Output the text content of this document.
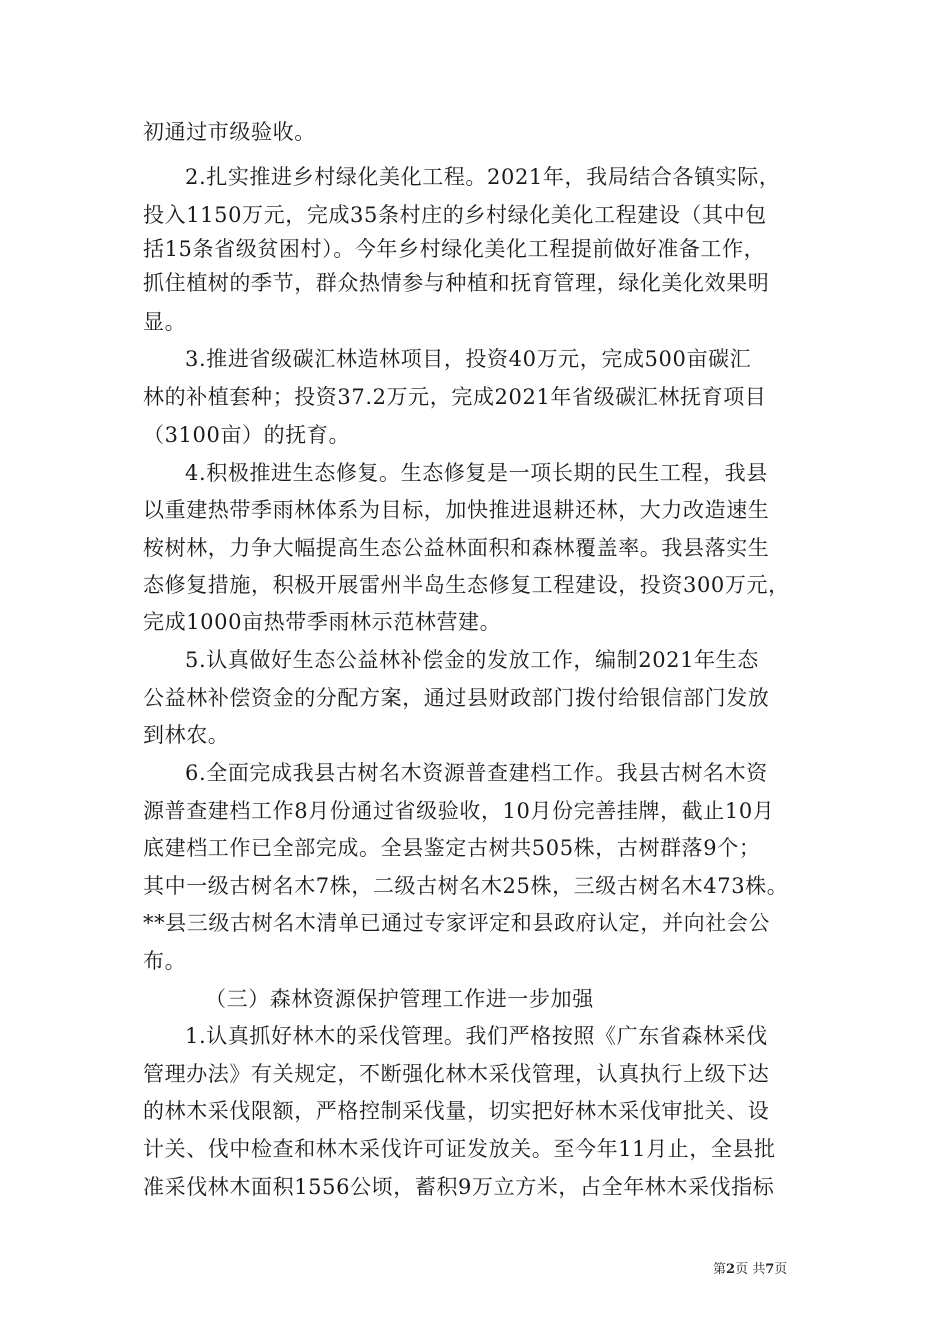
初通过市级验收。
2.扎实推进乡村绿化美化工程。2021年，我局结合各镇实际，
投入1150万元，完成35条村庄的乡村绿化美化工程建设（其中包
括15条省级贫困村）。今年乡村绿化美化工程提前做好准备工作，
抓住植树的季节，群众热情参与种植和抚育管理，绿化美化效果明
显。
3.推进省级碳汇林造林项目，投资40万元，完成500亩碳汇
林的补植套种；投资37.2万元，完成2021年省级碳汇林抚育项目
（3100亩）的抚育。
4.积极推进生态修复。生态修复是一项长期的民生工程，我县
以重建热带季雨林体系为目标，加快推进退耕还林，大力改造速生
桉树林，力争大幅提高生态公益林面积和森林覆盖率。我县落实生
态修复措施，积极开展雷州半岛生态修复工程建设，投资300万元，
完成1000亩热带季雨林示范林营建。
5.认真做好生态公益林补偿金的发放工作，编制2021年生态
公益林补偿资金的分配方案，通过县财政部门拨付给银信部门发放
到林农。
6.全面完成我县古树名木资源普查建档工作。我县古树名木资
源普查建档工作8月份通过省级验收，10月份完善挂牌，截止10月
底建档工作已全部完成。全县鉴定古树共505株，古树群落9个；
其中一级古树名木7株，二级古树名木25株，三级古树名木473株。
**县三级古树名木清单已通过专家评定和县政府认定，并向社会公
布。
（三）森林资源保护管理工作进一步加强
1.认真抓好林木的采伐管理。我们严格按照《广东省森林采伐
管理办法》有关规定，不断强化林木采伐管理，认真执行上级下达
的林木采伐限额，严格控制采伐量，切实把好林木采伐审批关、设
计关、伐中检查和林木采伐许可证发放关。至今年11月止，全县批
准采伐林木面积1556公顷，蓄积9万立方米，占全年林木采伐指标
第2页 共7页
